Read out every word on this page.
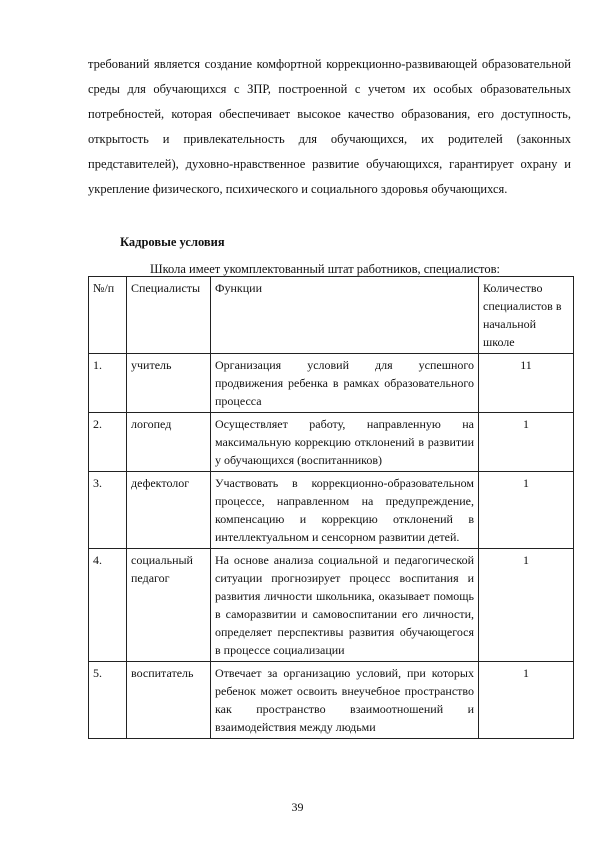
требований является создание комфортной коррекционно-развивающей образовательной среды для обучающихся с ЗПР, построенной с учетом их особых образовательных потребностей, которая обеспечивает высокое качество образования, его доступность, открытость и привлекательность для обучающихся, их родителей (законных представителей), духовно-нравственное развитие обучающихся, гарантирует охрану и укрепление физического, психического и социального здоровья обучающихся.

Кадровые условия
Школа имеет укомплектованный штат работников, специалистов:
№/п	Специалисты	Функции	Количество специалистов в начальной школе
1.	учитель	Организация условий для успешного продвижения ребенка в рамках образовательного процесса	11
2.	логопед	Осуществляет работу, направленную на максимальную коррекцию отклонений в развитии у обучающихся (воспитанников)	1
3.	дефектолог	Участвовать в коррекционно-образовательном процессе, направленном на предупреждение, компенсацию и коррекцию отклонений в интеллектуальном и сенсорном развитии детей.	1
4.	социальный педагог	На основе анализа социальной и педагогической ситуации прогнозирует процесс воспитания и развития личности школьника, оказывает помощь в саморазвитии и самовоспитании его личности, определяет перспективы развития обучающегося в процессе социализации	1
5.	воспитатель	Отвечает за организацию условий, при которых ребенок может освоить внеучебное пространство как пространство взаимоотношений и взаимодействия между людьми	1
39
